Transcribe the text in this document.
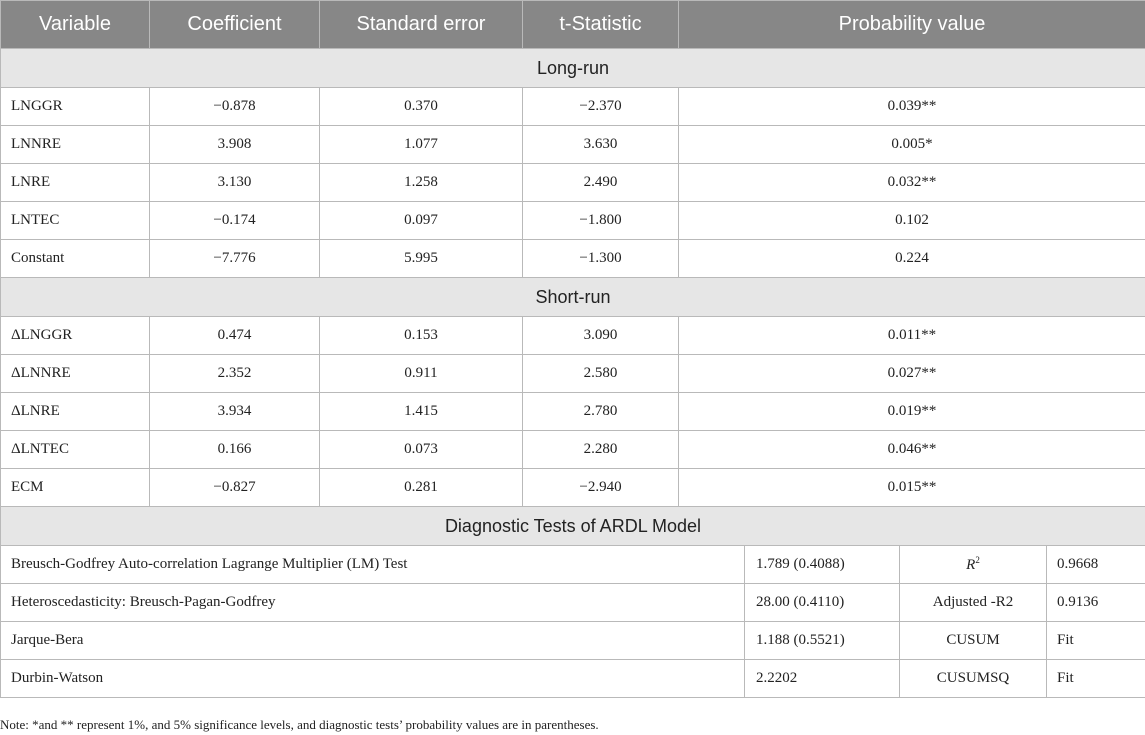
Variable	Coefficient	Standard error	t-Statistic	Probability value			
Long-run							
LNGGR	−0.878	0.370	−2.370	0.039**			
LNNRE	3.908	1.077	3.630	0.005*			
LNRE	3.130	1.258	2.490	0.032**			
LNTEC	−0.174	0.097	−1.800	0.102			
Constant	−7.776	5.995	−1.300	0.224			
Short-run							
ΔLNGGR	0.474	0.153	3.090	0.011**			
ΔLNNRE	2.352	0.911	2.580	0.027**			
ΔLNRE	3.934	1.415	2.780	0.019**			
ΔLNTEC	0.166	0.073	2.280	0.046**			
ECM	−0.827	0.281	−2.940	0.015**			
Diagnostic Tests of ARDL Model							
Breusch-Godfrey Auto-correlation Lagrange Multiplier (LM) Test					1.789 (0.4088)	$R^2$	0.9668
Heteroscedasticity: Breusch-Pagan-Godfrey					28.00 (0.4110)	Adjusted -R2	0.9136
Jarque-Bera					1.188 (0.5521)	CUSUM	Fit
Durbin-Watson					2.2202	CUSUMSQ	Fit
Note: *and ** represent 1%, and 5% significance levels, and diagnostic tests’ probability values are in parentheses.
